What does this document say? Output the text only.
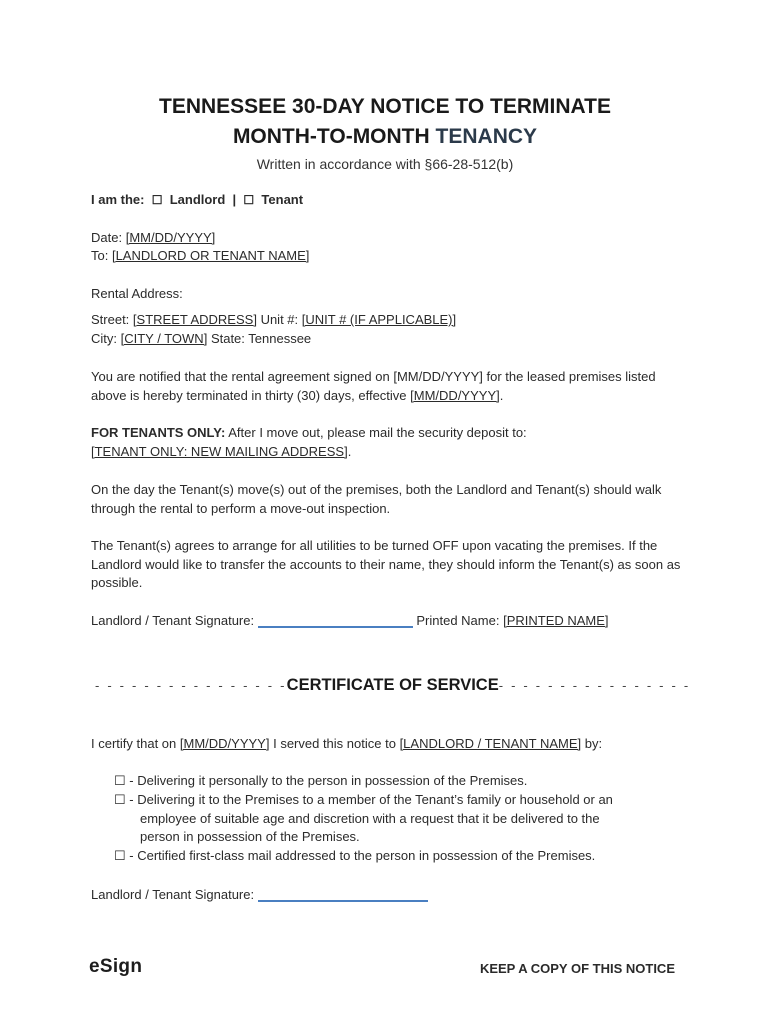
TENNESSEE 30-DAY NOTICE TO TERMINATE
MONTH-TO-MONTH TENANCY
Written in accordance with §66-28-512(b)
I am the: ☐ Landlord | ☐ Tenant
Date: [MM/DD/YYYY]
To: [LANDLORD OR TENANT NAME]
Rental Address:
Street: [STREET ADDRESS] Unit #: [UNIT # (IF APPLICABLE)]
City: [CITY / TOWN] State: Tennessee
You are notified that the rental agreement signed on [MM/DD/YYYY] for the leased premises listed above is hereby terminated in thirty (30) days, effective [MM/DD/YYYY].
FOR TENANTS ONLY: After I move out, please mail the security deposit to:
[TENANT ONLY: NEW MAILING ADDRESS].
On the day the Tenant(s) move(s) out of the premises, both the Landlord and Tenant(s) should walk through the rental to perform a move-out inspection.
The Tenant(s) agrees to arrange for all utilities to be turned OFF upon vacating the premises. If the Landlord would like to transfer the accounts to their name, they should inform the Tenant(s) as soon as possible.
Landlord / Tenant Signature:	Printed Name: [PRINTED NAME]
- - - - - - - - - - - - - - - - CERTIFICATE OF SERVICE - - - - - - - - - - - - - - - -
I certify that on [MM/DD/YYYY] I served this notice to [LANDLORD / TENANT NAME] by:
☐ - Delivering it personally to the person in possession of the Premises.
☐ - Delivering it to the Premises to a member of the Tenant’s family or household or an
employee of suitable age and discretion with a request that it be delivered to the
person in possession of the Premises.
☐ - Certified first-class mail addressed to the person in possession of the Premises.
Landlord / Tenant Signature:
eSign	KEEP A COPY OF THIS NOTICE
